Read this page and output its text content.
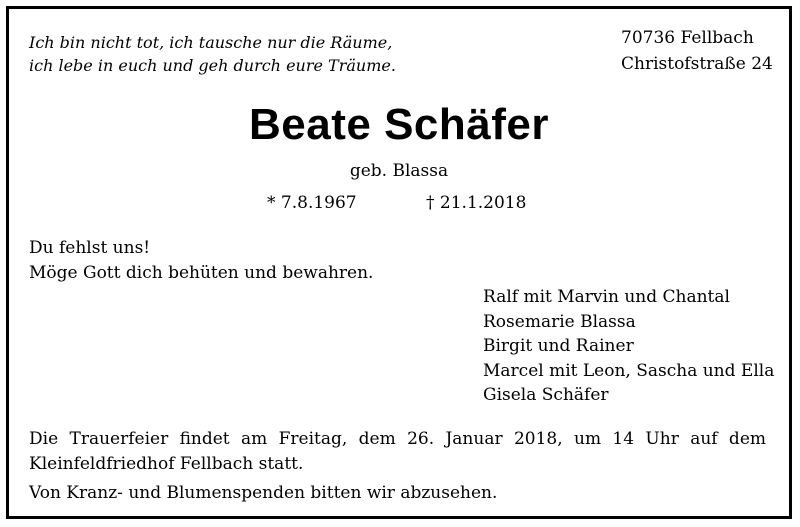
Ich bin nicht tot, ich tausche nur die Räume,
ich lebe in euch und geh durch eure Träume.
70736 Fellbach
Christofstraße 24
Beate Schäfer
geb. Blassa
* 7.8.1967	† 21.1.2018
Du fehlst uns!
Möge Gott dich behüten und bewahren.
Ralf mit Marvin und Chantal
Rosemarie Blassa
Birgit und Rainer
Marcel mit Leon, Sascha und Ella
Gisela Schäfer
Die Trauerfeier findet am Freitag, dem 26. Januar 2018, um 14 Uhr auf dem Kleinfeldfriedhof Fellbach statt.
Von Kranz- und Blumenspenden bitten wir abzusehen.
